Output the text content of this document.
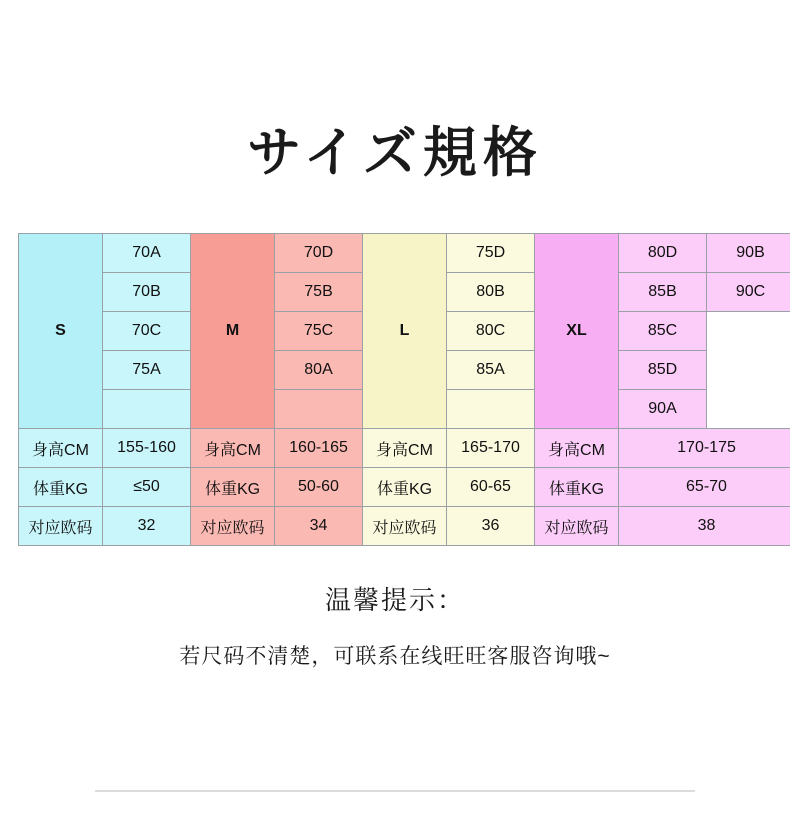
サイズ規格
S	70A	M	70D	L	75D	XL	80D	90B
	70B		75B		80B		85B	90C
	70C		75C		80C		85C	
	75A		80A		85A		85D	
							90A	
身高CM	155-160	身高CM	160-165	身高CM	165-170	身高CM	170-175	
体重KG	≤50	体重KG	50-60	体重KG	60-65	体重KG	65-70	
对应欧码	32	对应欧码	34	对应欧码	36	对应欧码	38	

温馨提示：

若尺码不清楚，可联系在线旺旺客服咨询哦~
